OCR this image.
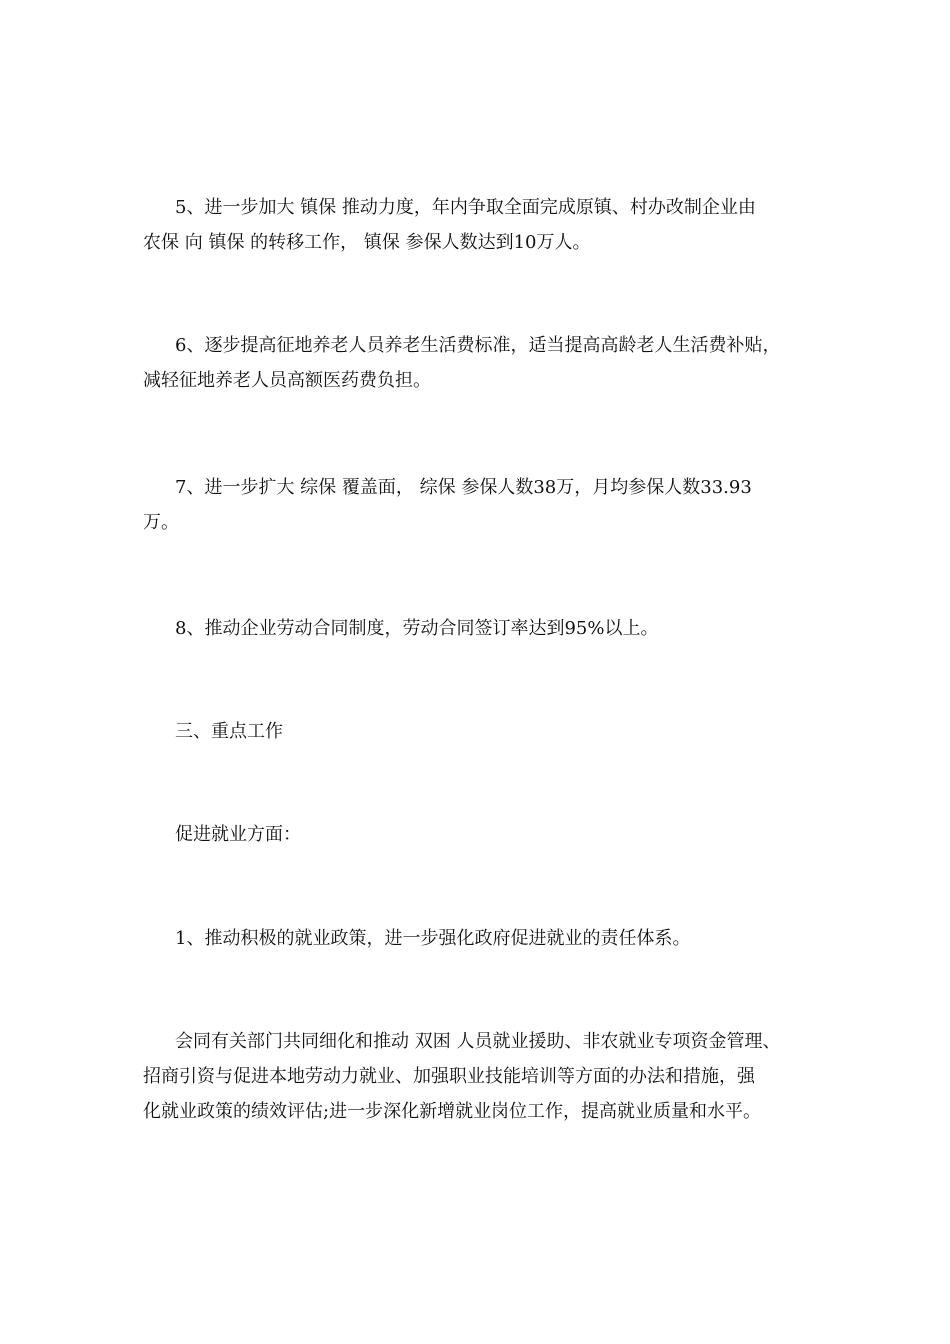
5、进一步加大 镇保 推动力度，年内争取全面完成原镇、村办改制企业由
农保 向 镇保 的转移工作， 镇保 参保人数达到10万人。

6、逐步提高征地养老人员养老生活费标准，适当提高高龄老人生活费补贴，
减轻征地养老人员高额医药费负担。

7、进一步扩大 综保 覆盖面， 综保 参保人数38万，月均参保人数33.93
万。

8、推动企业劳动合同制度，劳动合同签订率达到95%以上。

三、重点工作

促进就业方面：

1、推动积极的就业政策，进一步强化政府促进就业的责任体系。

会同有关部门共同细化和推动 双困 人员就业援助、非农就业专项资金管理、
招商引资与促进本地劳动力就业、加强职业技能培训等方面的办法和措施，强
化就业政策的绩效评估;进一步深化新增就业岗位工作，提高就业质量和水平。
